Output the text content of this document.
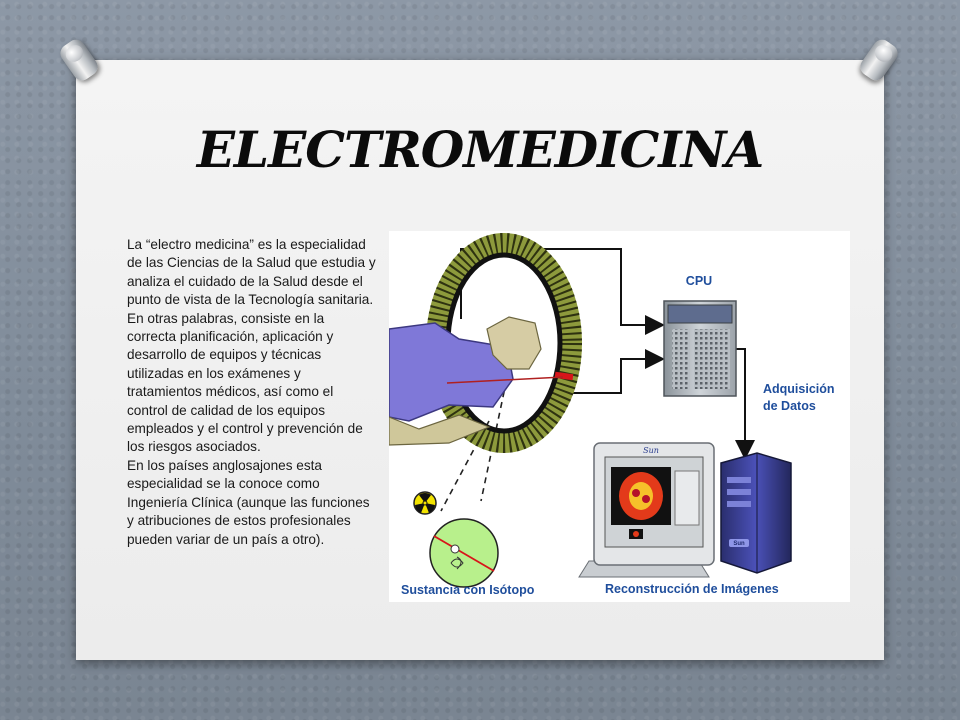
ELECTROMEDICINA

La “electro medicina” es la especialidad de las Ciencias de la Salud que estudia y analiza el cuidado de la Salud desde el punto de vista de la Tecnología sanitaria.

En otras palabras, consiste en la correcta planificación, aplicación y desarrollo de equipos y técnicas utilizadas en los exámenes y tratamientos médicos, así como el control de calidad de los equipos empleados y el control y prevención de los riesgos asociados.

En los países anglosajones esta especialidad se la conoce como Ingeniería Clínica (aunque las funciones y atribuciones de estos profesionales pueden variar de un país a otro).

Sun
Sun
CPU
Adquisición
de Datos
Sustancia con Isótopo	Reconstrucción de Imágenes
